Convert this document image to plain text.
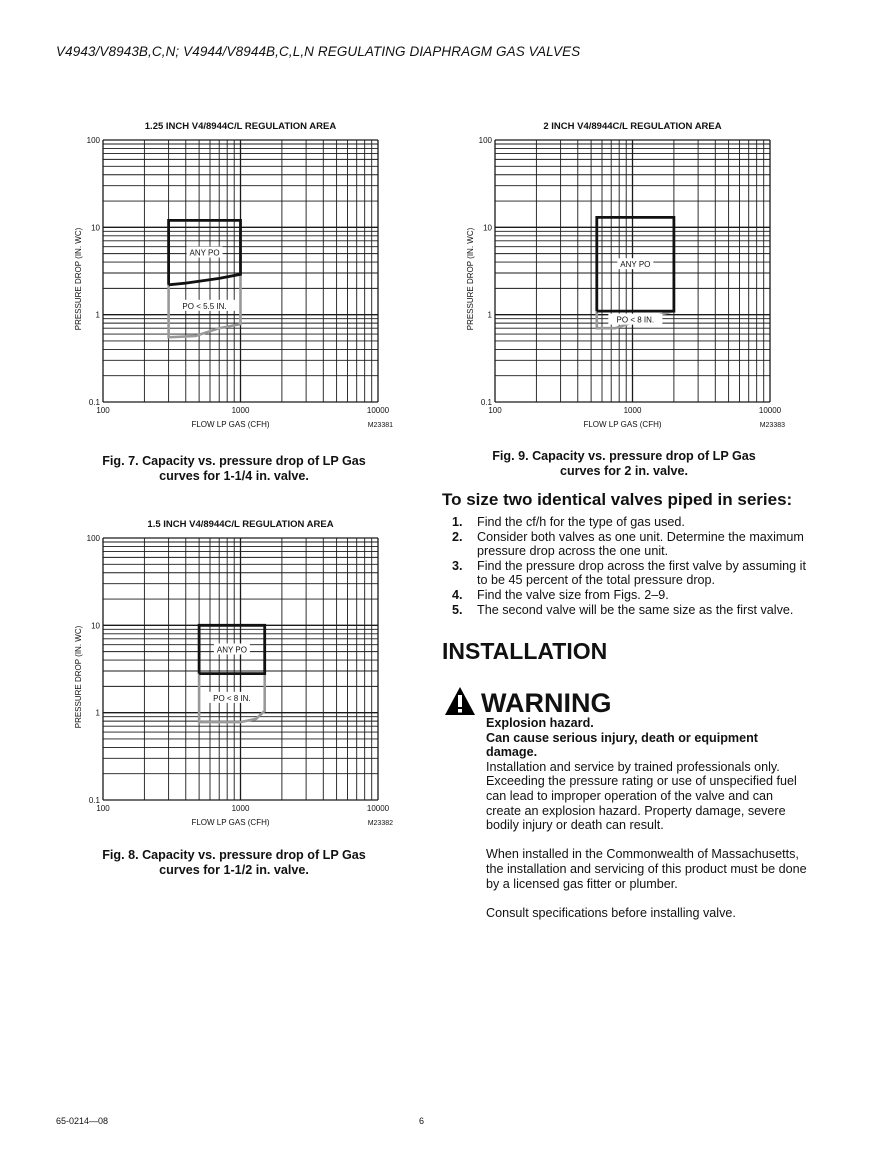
V4943/V8943B,C,N; V4944/V8944B,C,L,N REGULATING DIAPHRAGM GAS VALVES
1.25 INCH V4/8944C/L REGULATION AREA
100	1000	10000
0.1
1
10
100
FLOW LP GAS (CFH)
PRESSURE DROP (IN. WC)
M23381
ANY PO
PO < 5.5 IN.
Fig. 7. Capacity vs. pressure drop of LP Gas
curves for 1-1/4 in. valve.
1.5 INCH V4/8944C/L REGULATION AREA
100	1000	10000
0.1
1
10
100
FLOW LP GAS (CFH)
PRESSURE DROP (IN. WC)
M23382
ANY PO
PO < 8 IN.
Fig. 8. Capacity vs. pressure drop of LP Gas
curves for 1-1/2 in. valve.
2 INCH V4/8944C/L REGULATION AREA
100	1000	10000
0.1
1
10
100
FLOW LP GAS (CFH)
PRESSURE DROP (IN. WC)
M23383
ANY PO
PO < 8 IN.
Fig. 9. Capacity vs. pressure drop of LP Gas
curves for 2 in. valve.
To size two identical valves piped in series:
1. Find the cf/h for the type of gas used.
2. Consider both valves as one unit. Determine the maximum pressure drop across the one unit.
3. Find the pressure drop across the first valve by assuming it to be 45 percent of the total pressure drop.
4. Find the valve size from Figs. 2–9.
5. The second valve will be the same size as the first valve.
INSTALLATION
WARNING
Explosion hazard.
Can cause serious injury, death or equipment damage.

Installation and service by trained professionals only. Exceeding the pressure rating or use of unspecified fuel can lead to improper operation of the valve and can create an explosion hazard. Property damage, severe bodily injury or death can result.

When installed in the Commonwealth of Massachusetts, the installation and servicing of this product must be done by a licensed gas fitter or plumber.

Consult specifications before installing valve.

65-0214—08	6
